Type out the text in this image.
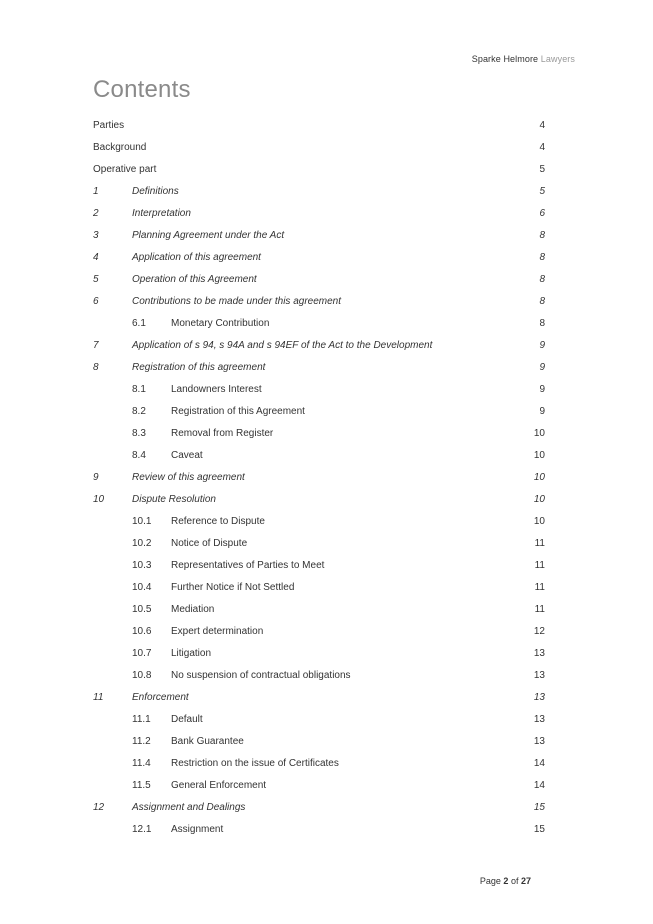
Sparke Helmore Lawyers
Contents
Parties	4
Background	4
Operative part	5
1	Definitions	5
2	Interpretation	6
3	Planning Agreement under the Act	8
4	Application of this agreement	8
5	Operation of this Agreement	8
6	Contributions to be made under this agreement	8
6.1	Monetary Contribution	8
7	Application of s 94, s 94A and s 94EF of the Act to the Development	9
8	Registration of this agreement	9
8.1	Landowners Interest	9
8.2	Registration of this Agreement	9
8.3	Removal from Register	10
8.4	Caveat	10
9	Review of this agreement	10
10	Dispute Resolution	10
10.1 Reference to Dispute	10
10.2 Notice of Dispute	11
10.3 Representatives of Parties to Meet	11
10.4 Further Notice if Not Settled	11
10.5 Mediation	11
10.6 Expert determination	12
10.7 Litigation	13
10.8 No suspension of contractual obligations	13
11	Enforcement	13
11.1 Default	13
11.2 Bank Guarantee	13
11.4 Restriction on the issue of Certificates	14
11.5 General Enforcement	14
12	Assignment and Dealings	15
12.1 Assignment	15
Page 2 of 27
